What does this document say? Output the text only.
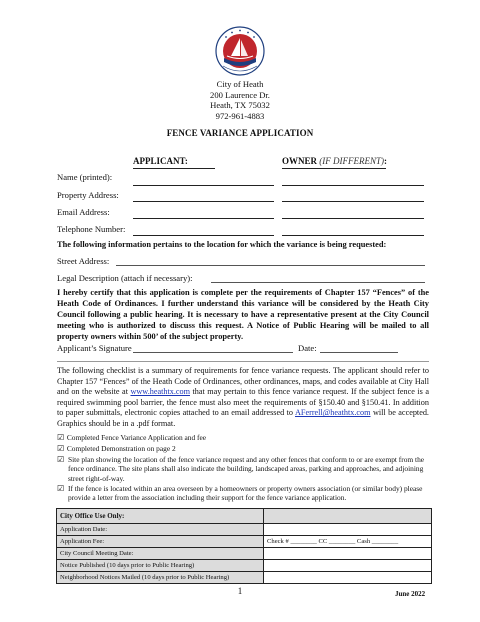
City of Heath
200 Laurence Dr.
Heath, TX 75032
972-961-4883
FENCE VARIANCE APPLICATION
APPLICANT:	OWNER (IF DIFFERENT):
Name (printed):
Property Address:
Email Address:
Telephone Number:
The following information pertains to the location for which the variance is being requested:
Street Address:
Legal Description (attach if necessary):
I hereby certify that this application is complete per the requirements of Chapter 157 “Fences” of the Heath Code of Ordinances. I further understand this variance will be considered by the Heath City Council following a public hearing. It is necessary to have a representative present at the City Council meeting who is authorized to discuss this request. A Notice of Public Hearing will be mailed to all property owners within 500’ of the subject property.
Applicant’s Signature	Date:
The following checklist is a summary of requirements for fence variance requests. The applicant should refer to Chapter 157 “Fences” of the Heath Code of Ordinances, other ordinances, maps, and codes available at City Hall and on the website at www.heathtx.com that may pertain to this fence variance request. If the subject fence is a required swimming pool barrier, the fence must also meet the requirements of §150.40 and §150.41. In addition to paper submittals, electronic copies attached to an email addressed to AFerrell@heathtx.com will be accepted. Graphics should be in a .pdf format.
☑ Completed Fence Variance Application and fee
☑ Completed Demonstration on page 2
☑ Site plan showing the location of the fence variance request and any other fences that conform to or are exempt from the fence ordinance. The site plans shall also indicate the building, landscaped areas, parking and approaches, and adjoining street right-of-way.
☑ If the fence is located within an area overseen by a homeowners or property owners association (or similar body) please provide a letter from the association including their support for the fence variance application.
City Office Use Only:	
Application Date:	
Application Fee:	Check # ________ CC ________ Cash ________
City Council Meeting Date:	
Notice Published (10 days prior to Public Hearing)	
Neighborhood Notices Mailed (10 days prior to Public Hearing)	
1	June 2022
